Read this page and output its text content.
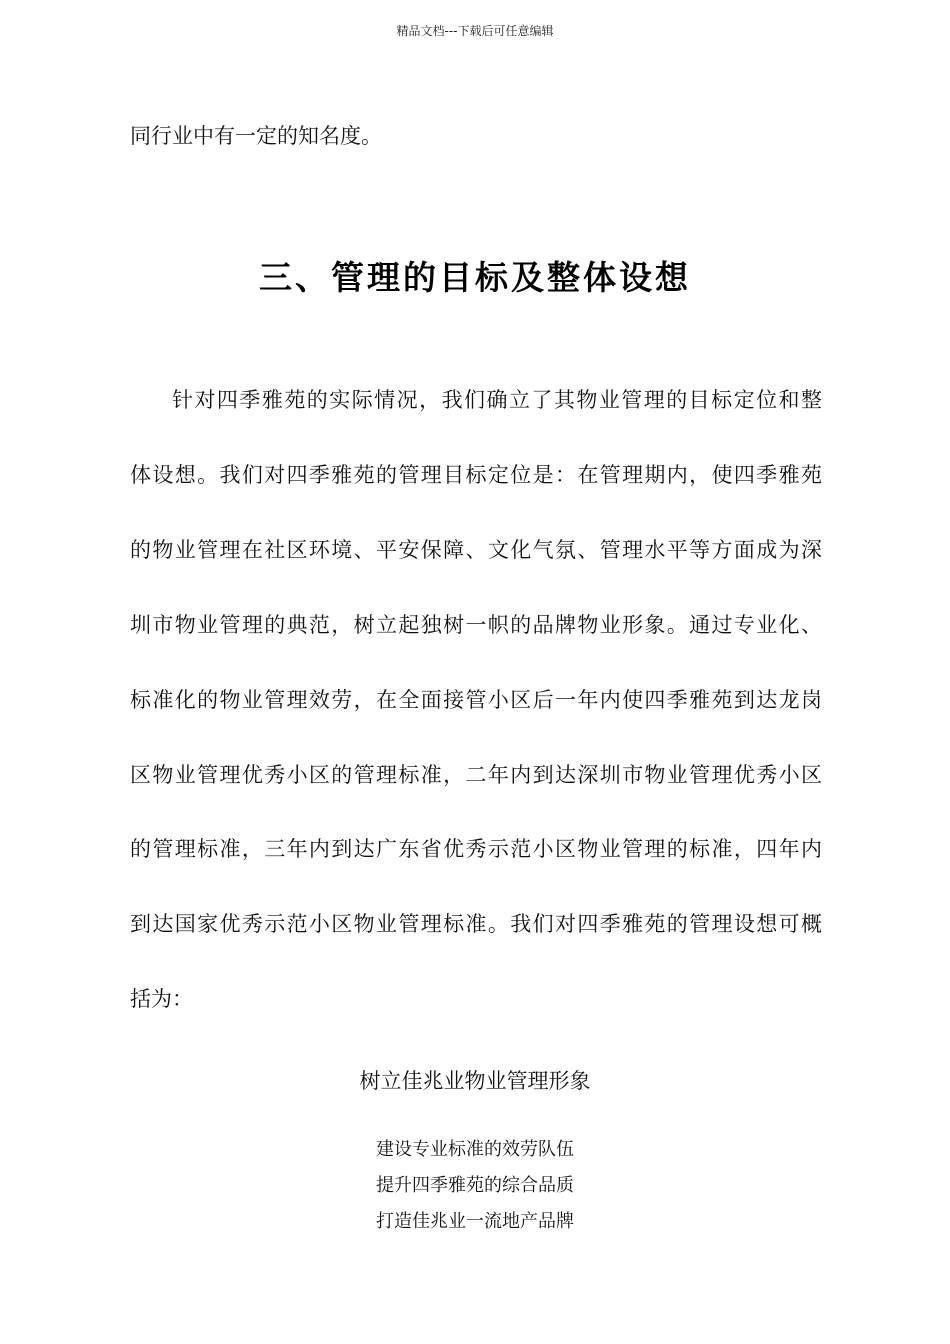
精品文档---下载后可任意编辑
同行业中有一定的知名度。
三、管理的目标及整体设想
针对四季雅苑的实际情况，我们确立了其物业管理的目标定位和整
体设想。我们对四季雅苑的管理目标定位是：在管理期内，使四季雅苑
的物业管理在社区环境、平安保障、文化气氛、管理水平等方面成为深
圳市物业管理的典范，树立起独树一帜的品牌物业形象。通过专业化、
标准化的物业管理效劳，在全面接管小区后一年内使四季雅苑到达龙岗
区物业管理优秀小区的管理标准，二年内到达深圳市物业管理优秀小区
的管理标准，三年内到达广东省优秀示范小区物业管理的标准，四年内
到达国家优秀示范小区物业管理标准。我们对四季雅苑的管理设想可概
括为：
树立佳兆业物业管理形象
建设专业标准的效劳队伍
提升四季雅苑的综合品质
打造佳兆业一流地产品牌
